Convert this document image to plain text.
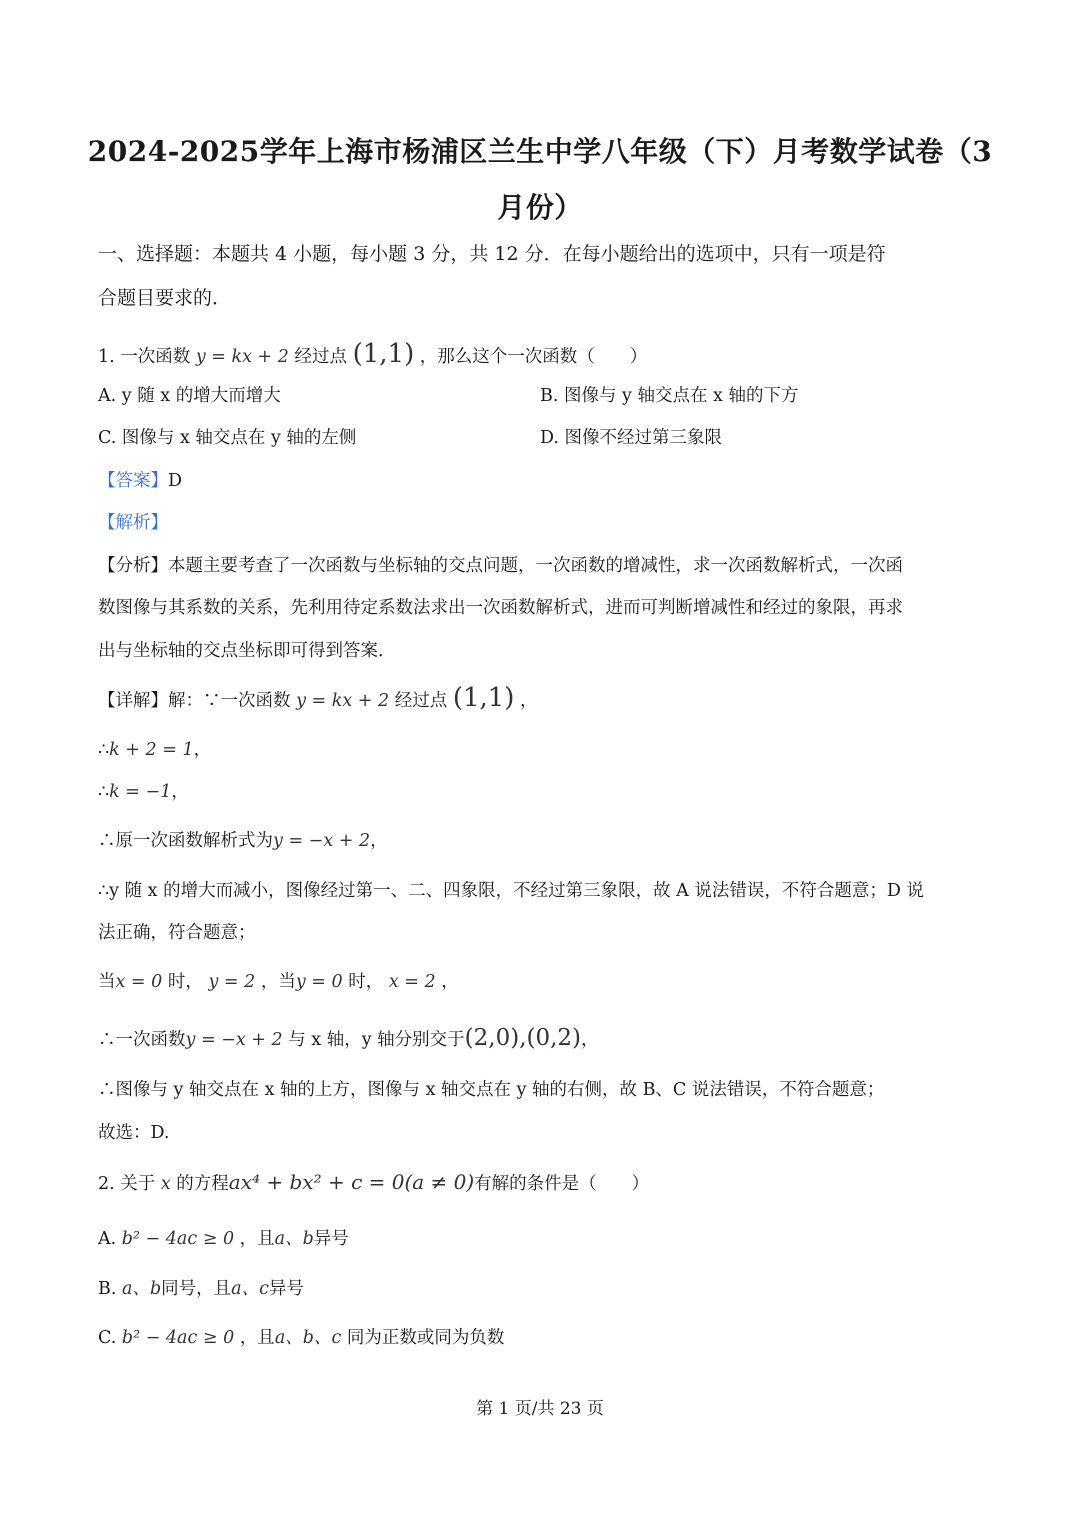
2024-2025学年上海市杨浦区兰生中学八年级（下）月考数学试卷（3
月份）
一、选择题：本题共 4 小题，每小题 3 分，共 12 分．在每小题给出的选项中，只有一项是符
合题目要求的．
1. 一次函数 y = kx + 2 经过点 (1,1) ，那么这个一次函数（　　）
A. y 随 x 的增大而增大	B. 图像与 y 轴交点在 x 轴的下方
C. 图像与 x 轴交点在 y 轴的左侧	D. 图像不经过第三象限
【答案】D
【解析】
【分析】本题主要考查了一次函数与坐标轴的交点问题，一次函数的增减性，求一次函数解析式，一次函
数图像与其系数的关系，先利用待定系数法求出一次函数解析式，进而可判断增减性和经过的象限，再求
出与坐标轴的交点坐标即可得到答案．
【详解】解：∵一次函数 y = kx + 2 经过点 (1,1) ，
∴k + 2 = 1，
∴k = −1，
∴原一次函数解析式为y = −x + 2，
∴y 随 x 的增大而减小，图像经过第一、二、四象限，不经过第三象限，故 A 说法错误，不符合题意；D 说
法正确，符合题意；
当x = 0 时， y = 2 ，当y = 0 时， x = 2 ，
∴一次函数y = −x + 2 与 x 轴，y 轴分别交于(2,0),(0,2)，
∴图像与 y 轴交点在 x 轴的上方，图像与 x 轴交点在 y 轴的右侧，故 B、C 说法错误，不符合题意；
故选：D.
2. 关于 x 的方程ax⁴ + bx² + c = 0(a ≠ 0)有解的条件是（　　）
A. b² − 4ac ≥ 0 ，且a、b异号
B. a、b同号，且a、c异号
C. b² − 4ac ≥ 0 ，且a、b、c 同为正数或同为负数
第 1 页/共 23 页
